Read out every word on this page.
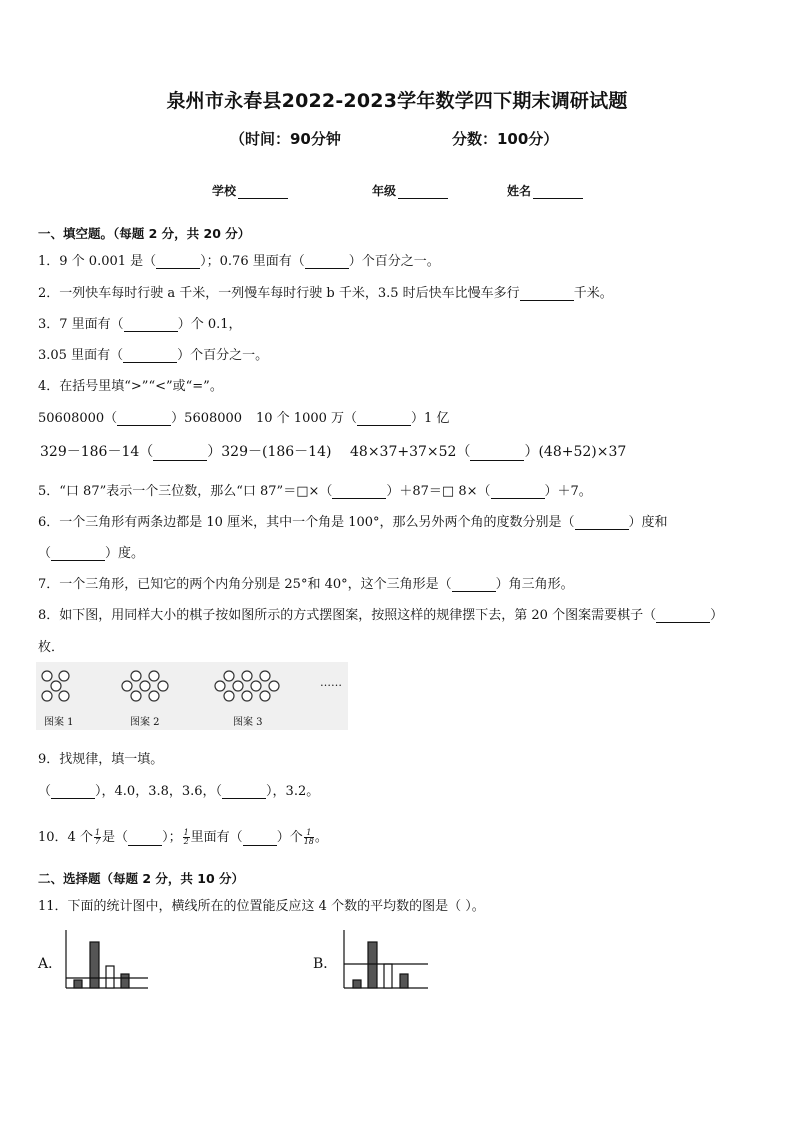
泉州市永春县2022-2023学年数学四下期末调研试题
（时间：90分钟	分数：100分）
学校	年级	姓名
一、填空题。（每题 2 分，共 20 分）
1．9 个 0.001 是（	）；0.76 里面有（	）个百分之一。
2．一列快车每时行驶 a 千米，一列慢车每时行驶 b 千米，3.5 时后快车比慢车多行	千米。
3．7 里面有（	）个 0.1，
3.05 里面有（	）个百分之一。
4．在括号里填“>”“<”或“=”。
50608000（	）5608000 10 个 1000 万（	）1 亿
329－186－14（	）329－(186－14) 48×37+37×52（	）(48+52)×37
5．“口 87”表示一个三位数，那么“口 87”＝□×（	）＋87＝□ 8×（	）＋7。
6．一个三角形有两条边都是 10 厘米，其中一个角是 100°，那么另外两个角的度数分别是（	）度和
（	）度。
7．一个三角形，已知它的两个内角分别是 25°和 40°，这个三角形是（	）角三角形。
8．如下图，用同样大小的棋子按如图所示的方式摆图案，按照这样的规律摆下去，第 20 个图案需要棋子（	）
枚．
图案 1	图案 2	图案 3
……
9．找规律，填一填。
（	），4.0，3.8，3.6，（	），3.2。
10．4 个 $\frac{1}{7}$ 是（	）； $\frac{1}{2}$ 里面有（	）个 $\frac{1}{18}$ 。
二、选择题（每题 2 分，共 10 分）
11．下面的统计图中，横线所在的位置能反应这 4 个数的平均数的图是（ ）。
A．	B．
